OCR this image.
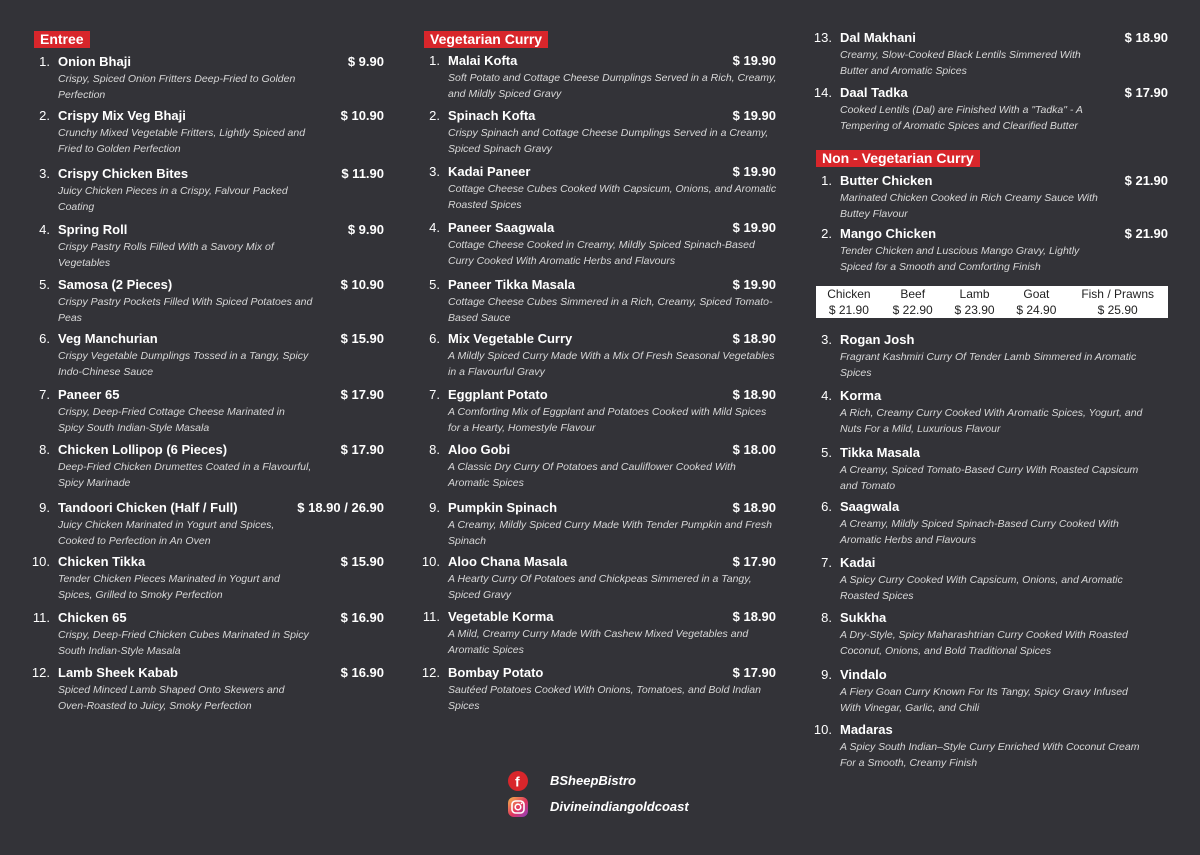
Entree
1. Onion Bhaji	$ 9.90
Crispy, Spiced Onion Fritters Deep-Fried to Golden Perfection
2. Crispy Mix Veg Bhaji	$ 10.90
Crunchy Mixed Vegetable Fritters, Lightly Spiced and Fried to Golden Perfection
3. Crispy Chicken Bites	$ 11.90
Juicy Chicken Pieces in a Crispy, Falvour Packed Coating
4. Spring Roll	$ 9.90
Crispy Pastry Rolls Filled With a Savory Mix of Vegetables
5. Samosa (2 Pieces)	$ 10.90
Crispy Pastry Pockets Filled With Spiced Potatoes and Peas
6. Veg Manchurian	$ 15.90
Crispy Vegetable Dumplings Tossed in a Tangy, Spicy Indo-Chinese Sauce
7. Paneer 65	$ 17.90
Crispy, Deep-Fried Cottage Cheese Marinated in Spicy South Indian-Style Masala
8. Chicken Lollipop (6 Pieces)	$ 17.90
Deep-Fried Chicken Drumettes Coated in a Flavourful, Spicy Marinade
9. Tandoori Chicken (Half / Full)	$ 18.90 / 26.90
Juicy Chicken Marinated in Yogurt and Spices, Cooked to Perfection in An Oven
10. Chicken Tikka	$ 15.90
Tender Chicken Pieces Marinated in Yogurt and Spices, Grilled to Smoky Perfection
11. Chicken 65	$ 16.90
Crispy, Deep-Fried Chicken Cubes Marinated in Spicy South Indian-Style Masala
12. Lamb Sheek Kabab	$ 16.90
Spiced Minced Lamb Shaped Onto Skewers and Oven-Roasted to Juicy, Smoky Perfection
Vegetarian Curry
1. Malai Kofta	$ 19.90
Soft Potato and Cottage Cheese Dumplings Served in a Rich, Creamy, and Mildly Spiced Gravy
2. Spinach Kofta	$ 19.90
Crispy Spinach and Cottage Cheese Dumplings Served in a Creamy, Spiced Spinach Gravy
3. Kadai Paneer	$ 19.90
Cottage Cheese Cubes Cooked With Capsicum, Onions, and Aromatic Roasted Spices
4. Paneer Saagwala	$ 19.90
Cottage Cheese Cooked in Creamy, Mildly Spiced Spinach-Based Curry Cooked With Aromatic Herbs and Flavours
5. Paneer Tikka Masala	$ 19.90
Cottage Cheese Cubes Simmered in a Rich, Creamy, Spiced Tomato-Based Sauce
6. Mix Vegetable Curry	$ 18.90
A Mildly Spiced Curry Made With a Mix Of Fresh Seasonal Vegetables in a Flavourful Gravy
7. Eggplant Potato	$ 18.90
A Comforting Mix of Eggplant and Potatoes Cooked with Mild Spices for a Hearty, Homestyle Flavour
8. Aloo Gobi	$ 18.00
A Classic Dry Curry Of Potatoes and Cauliflower Cooked With Aromatic Spices
9. Pumpkin Spinach	$ 18.90
A Creamy, Mildly Spiced Curry Made With Tender Pumpkin and Fresh Spinach
10. Aloo Chana Masala	$ 17.90
A Hearty Curry Of Potatoes and Chickpeas Simmered in a Tangy, Spiced Gravy
11. Vegetable Korma	$ 18.90
A Mild, Creamy Curry Made With Cashew Mixed Vegetables and Aromatic Spices
12. Bombay Potato	$ 17.90
Sautéed Potatoes Cooked With Onions, Tomatoes, and Bold Indian Spices
13. Dal Makhani	$ 18.90
Creamy, Slow-Cooked Black Lentils Simmered With Butter and Aromatic Spices
14. Daal Tadka	$ 17.90
Cooked Lentils (Dal) are Finished With a "Tadka" - A Tempering of Aromatic Spices and Clearified Butter
Non - Vegetarian Curry
1. Butter Chicken	$ 21.90
Marinated Chicken Cooked in Rich Creamy Sauce With Buttey Flavour
2. Mango Chicken	$ 21.90
Tender Chicken and Luscious Mango Gravy, Lightly Spiced for a Smooth and Comforting Finish
Chicken	Beef	Lamb	Goat	Fish / Prawns
$ 21.90	$ 22.90	$ 23.90	$ 24.90	$ 25.90
3. Rogan Josh
Fragrant Kashmiri Curry Of Tender Lamb Simmered in Aromatic Spices
4. Korma
A Rich, Creamy Curry Cooked With Aromatic Spices, Yogurt, and Nuts For a Mild, Luxurious Flavour
5. Tikka Masala
A Creamy, Spiced Tomato-Based Curry With Roasted Capsicum and Tomato
6. Saagwala
A Creamy, Mildly Spiced Spinach-Based Curry Cooked With Aromatic Herbs and Flavours
7. Kadai
A Spicy Curry Cooked With Capsicum, Onions, and Aromatic Roasted Spices
8. Sukkha
A Dry-Style, Spicy Maharashtrian Curry Cooked With Roasted Coconut, Onions, and Bold Traditional Spices
9. Vindalo
A Fiery Goan Curry Known For Its Tangy, Spicy Gravy Infused With Vinegar, Garlic, and Chili
10. Madaras
A Spicy South Indian–Style Curry Enriched With Coconut Cream For a Smooth, Creamy Finish
f BSheepBistro
Divineindiangoldcoast
